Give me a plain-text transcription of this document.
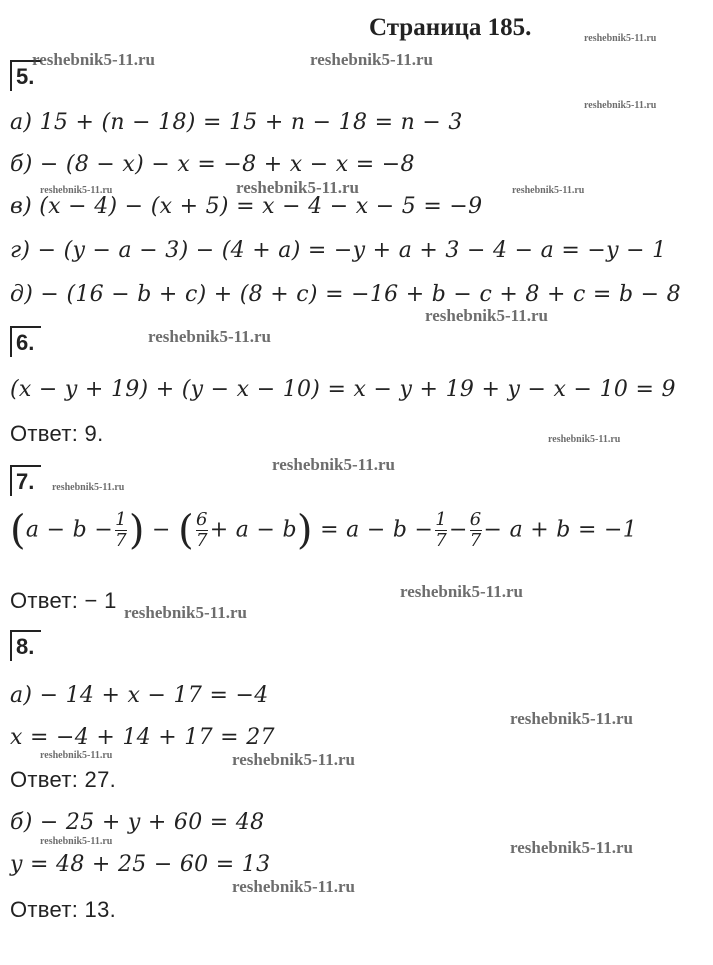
Страница 185.
5.
а) 15 + (n − 18) = 15 + n − 18 = n − 3
б) − (8 − x) − x = −8 + x − x = −8
в) (x − 4) − (x + 5) = x − 4 − x − 5 = −9
г) − (y − a − 3) − (4 + a) = −y + a + 3 − 4 − a = −y − 1
д) − (16 − b + c) + (8 + c) = −16 + b − c + 8 + c = b − 8
6.
(x − y + 19) + (y − x − 10) = x − y + 19 + y − x − 10 = 9
Ответ: 9.
7.
($a - b - \frac{1}{7}$ ) − ( $\frac{6}{7} + a - b) = a - b - \frac{1}{7} - \frac{6}{7} - a + b = -1$
Ответ: − 1
8.
а) − 14 + x − 17 = −4
x = −4 + 14 + 17 = 27
Ответ: 27.
б) − 25 + y + 60 = 48
y = 48 + 25 − 60 = 13
Ответ: 13.
reshebnik5-11.ru
reshebnik5-11.ru	reshebnik5-11.ru
reshebnik5-11.ru
reshebnik5-11.ru	reshebnik5-11.ru	reshebnik5-11.ru
reshebnik5-11.ru
reshebnik5-11.ru
reshebnik5-11.ru
reshebnik5-11.ru
reshebnik5-11.ru
reshebnik5-11.ru
reshebnik5-11.ru
reshebnik5-11.ru
reshebnik5-11.ru	reshebnik5-11.ru
reshebnik5-11.ru	reshebnik5-11.ru
reshebnik5-11.ru
